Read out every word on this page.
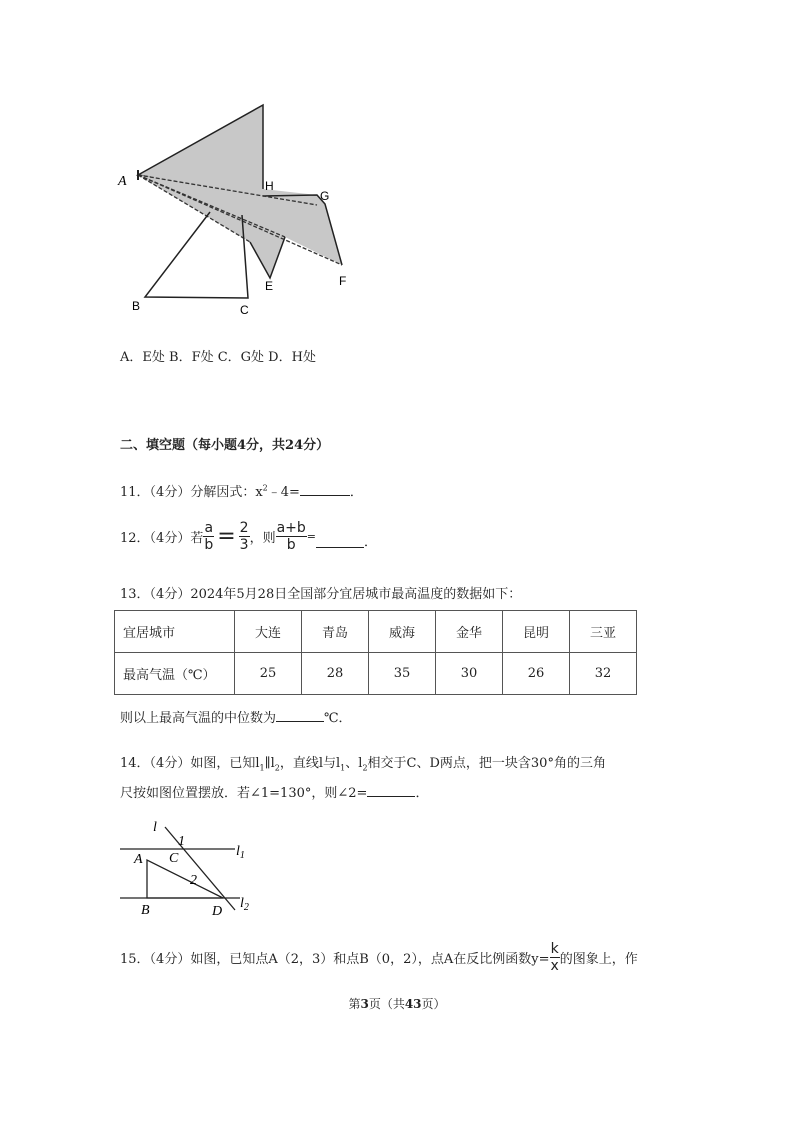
A	H
G
E	F
B	C
A．E处 B．F处 C．G处 D．H处
二、填空题（每小题4分，共24分）
11．（4分）分解因式：$x^2﹣4=$	．
12．（4分）若 $\frac{a}{b} = \frac{2}{3}$ ，则 $\frac{a+b}{b}$ =	．
13．（4分）2024年5月28日全国部分宜居城市最高温度的数据如下：
宜居城市	大连	青岛	威海	金华	昆明	三亚
最高气温（℃）	25	28	35	30	26	32
则以上最高气温的中位数为	℃．
14．（4分）如图，已知$l_1\parallel l_2$，直线l与$l_1$、$l_2$相交于C、D两点，把一块含30°角的三角
尺按如图位置摆放．若∠1=130°，则∠2=	．
l
1
C
A
2
B	D
$l_1$
$l_2$
15．（4分）如图，已知点A（2，3）和点B（0，2），点A在反比例函数$y= \frac{k}{x}$ 的图象上，作
第3页（共43页）
